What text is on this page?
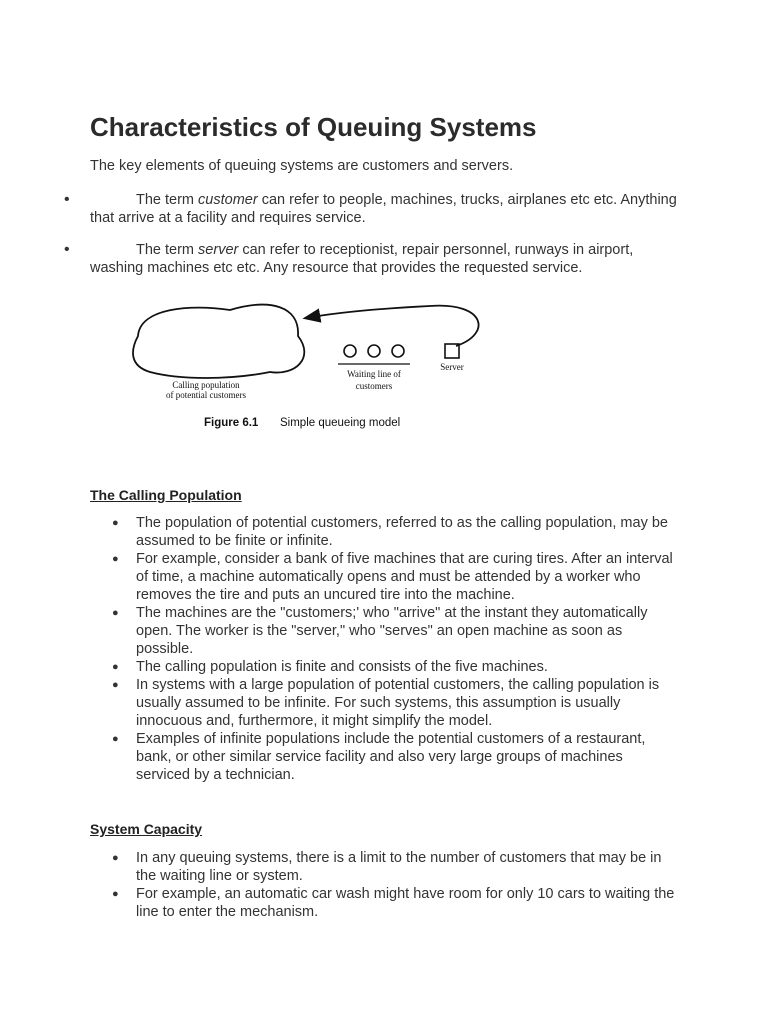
Characteristics of Queuing Systems
The key elements of queuing systems are customers and servers.
•	The term customer can refer to people, machines, trucks, airplanes etc etc. Anything that arrive at a facility and requires service.
•	The term server can refer to receptionist, repair personnel, runways in airport, washing machines etc etc. Any resource that provides the requested service.
Calling population
of potential customers
Waiting line of
customers
Server
Figure 6.1 Simple queueing model
The Calling Population
● The population of potential customers, referred to as the calling population, may be assumed to be finite or infinite.
● For example, consider a bank of five machines that are curing tires. After an interval of time, a machine automatically opens and must be attended by a worker who removes the tire and puts an uncured tire into the machine.
● The machines are the "customers;' who "arrive" at the instant they automatically open. The worker is the "server," who "serves" an open machine as soon as possible.
● The calling population is finite and consists of the five machines.
● In systems with a large population of potential customers, the calling population is usually assumed to be infinite. For such systems, this assumption is usually innocuous and, furthermore, it might simplify the model.
● Examples of infinite populations include the potential customers of a restaurant, bank, or other similar service facility and also very large groups of machines serviced by a technician.
System Capacity
● In any queuing systems, there is a limit to the number of customers that may be in the waiting line or system.
● For example, an automatic car wash might have room for only 10 cars to waiting the line to enter the mechanism.
